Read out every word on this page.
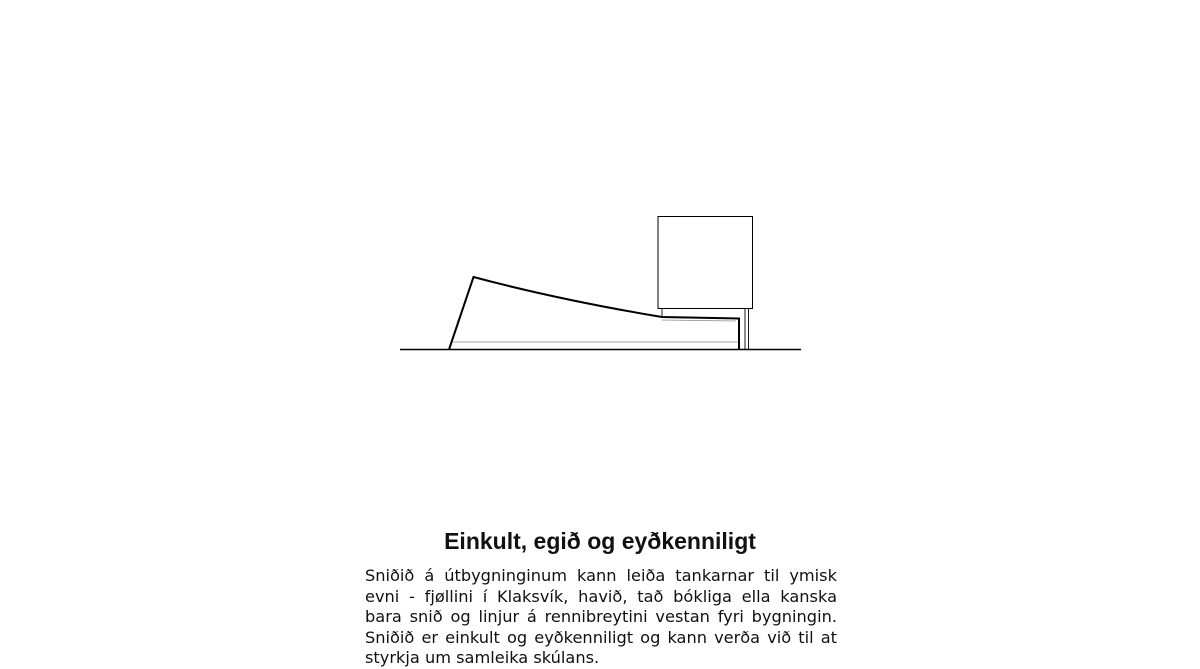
Einkult, egið og eyðkenniligt

Sniðið á útbygninginum kann leiða tankarnar til ymisk evni - fjøllini í Klaksvík, havið, tað bókliga ella kanska bara snið og linjur á rennibreytini vestan fyri bygningin. Sniðið er einkult og eyðkenniligt og kann verða við til at styrkja um samleika skúlans.
